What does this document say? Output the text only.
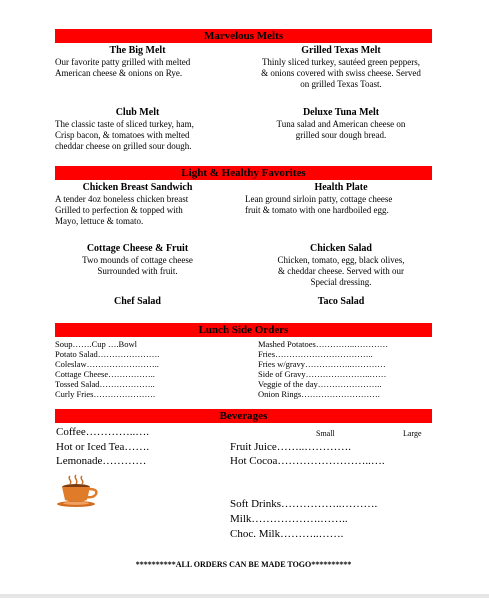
Marvelous Melts
The Big Melt
Our favorite patty grilled with melted
American cheese & onions on Rye.
Grilled Texas Melt
Thinly sliced turkey, sautéed green peppers,
& onions covered with swiss cheese. Served
on grilled Texas Toast.
Club Melt
The classic taste of sliced turkey, ham,
Crisp bacon, & tomatoes with melted
cheddar cheese on grilled sour dough.
Deluxe Tuna Melt
Tuna salad and American cheese on
grilled sour dough bread.
Light & Healthy Favorites
Chicken Breast Sandwich
A tender 4oz boneless chicken breast
Grilled to perfection & topped with
Mayo, lettuce & tomato.
Health Plate
Lean ground sirloin patty, cottage cheese
fruit & tomato with one hardboiled egg.
Cottage Cheese & Fruit
Two mounds of cottage cheese
Surrounded with fruit.
Chicken Salad
Chicken, tomato, egg, black olives,
& cheddar cheese. Served with our
Special dressing.
Chef Salad	Taco Salad
Lunch Side Orders
Soup…….Cup ….Bowl
Potato Salad………………….
Coleslaw……………………..
Cottage Cheese……………..
Tossed Salad………………..
Curly Fries………………….
Mashed Potatoes…………..…………
Fries……………………………..
Fries w/gravy……………..…………
Side of Gravy…………………..……
Veggie of the day…………………..
Onion Rings……………………….
Beverages
Coffee…………..….	Small	Large
Hot or Iced Tea…….	Fruit Juice……..………….
Lemonade…………	Hot Cocoa……………………..….
Soft Drinks……………..……….
Milk……………….……..
Choc. Milk………..…….
**********ALL ORDERS CAN BE MADE TOGO**********
